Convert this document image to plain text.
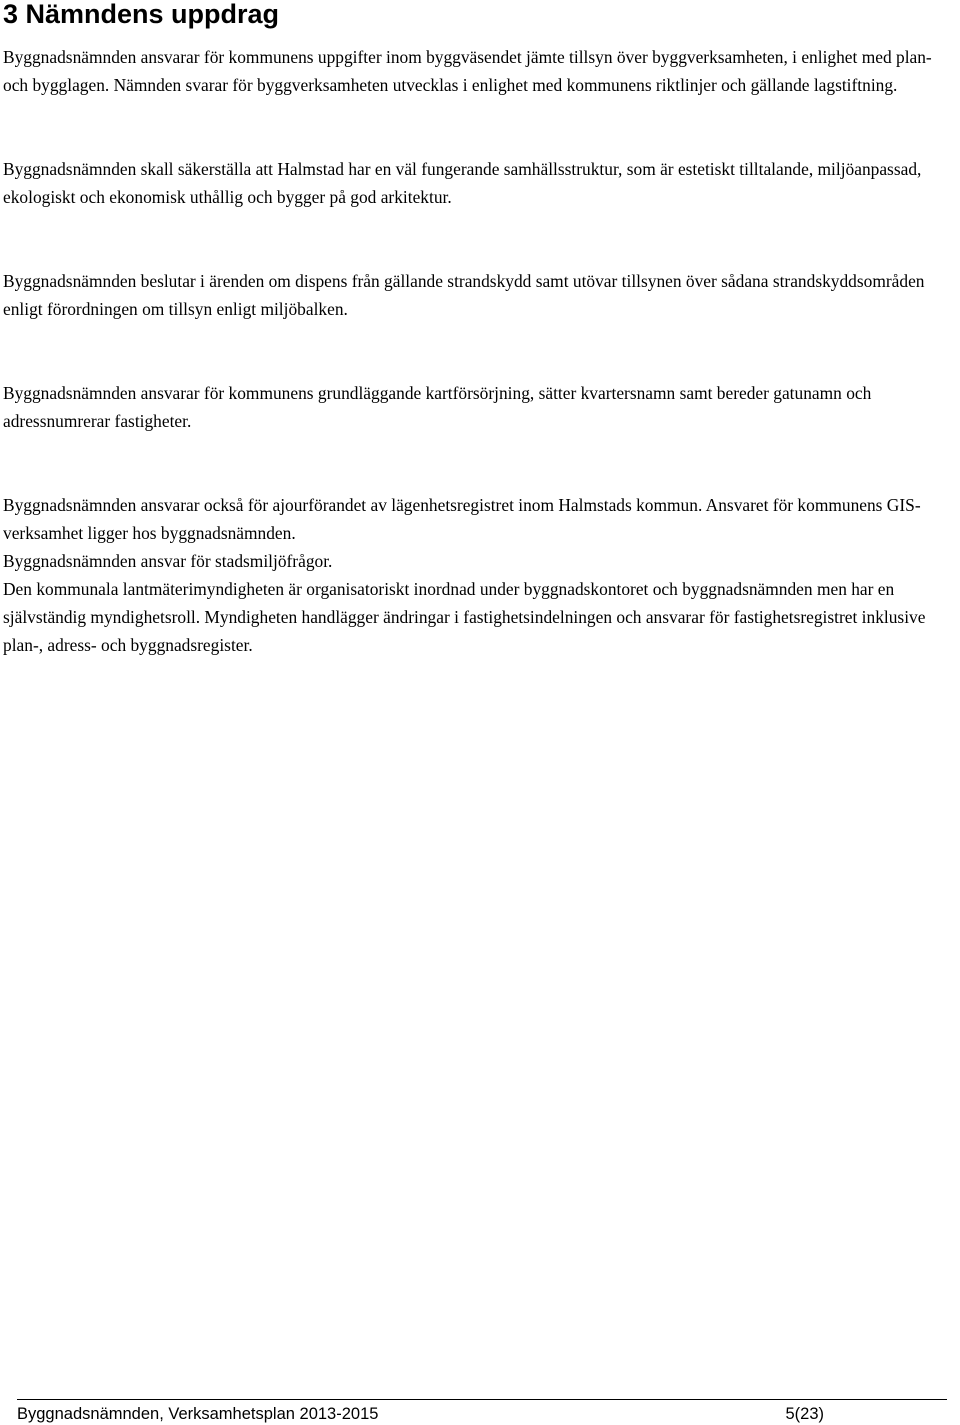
3 Nämndens uppdrag

Byggnadsnämnden ansvarar för kommunens uppgifter inom byggväsendet jämte tillsyn över byggverksamheten, i enlighet med plan- och bygglagen. Nämnden svarar för byggverksamheten utvecklas i enlighet med kommunens riktlinjer och gällande lagstiftning.

Byggnadsnämnden skall säkerställa att Halmstad har en väl fungerande samhällsstruktur, som är estetiskt tilltalande, miljöanpassad, ekologiskt och ekonomisk uthållig och bygger på god arkitektur.

Byggnadsnämnden beslutar i ärenden om dispens från gällande strandskydd samt utövar tillsynen över sådana strandskyddsområden enligt förordningen om tillsyn enligt miljöbalken.

Byggnadsnämnden ansvarar för kommunens grundläggande kartförsörjning, sätter kvartersnamn samt bereder gatunamn och adressnumrerar fastigheter.

Byggnadsnämnden ansvarar också för ajourförandet av lägenhetsregistret inom Halmstads kommun. Ansvaret för kommunens GIS-verksamhet ligger hos byggnadsnämnden.

Byggnadsnämnden ansvar för stadsmiljöfrågor.

Den kommunala lantmäterimyndigheten är organisatoriskt inordnad under byggnadskontoret och byggnadsnämnden men har en självständig myndighetsroll. Myndigheten handlägger ändringar i fastighetsindelningen och ansvarar för fastighetsregistret inklusive plan-, adress- och byggnadsregister.

Byggnadsnämnden, Verksamhetsplan 2013-2015	5(23)
